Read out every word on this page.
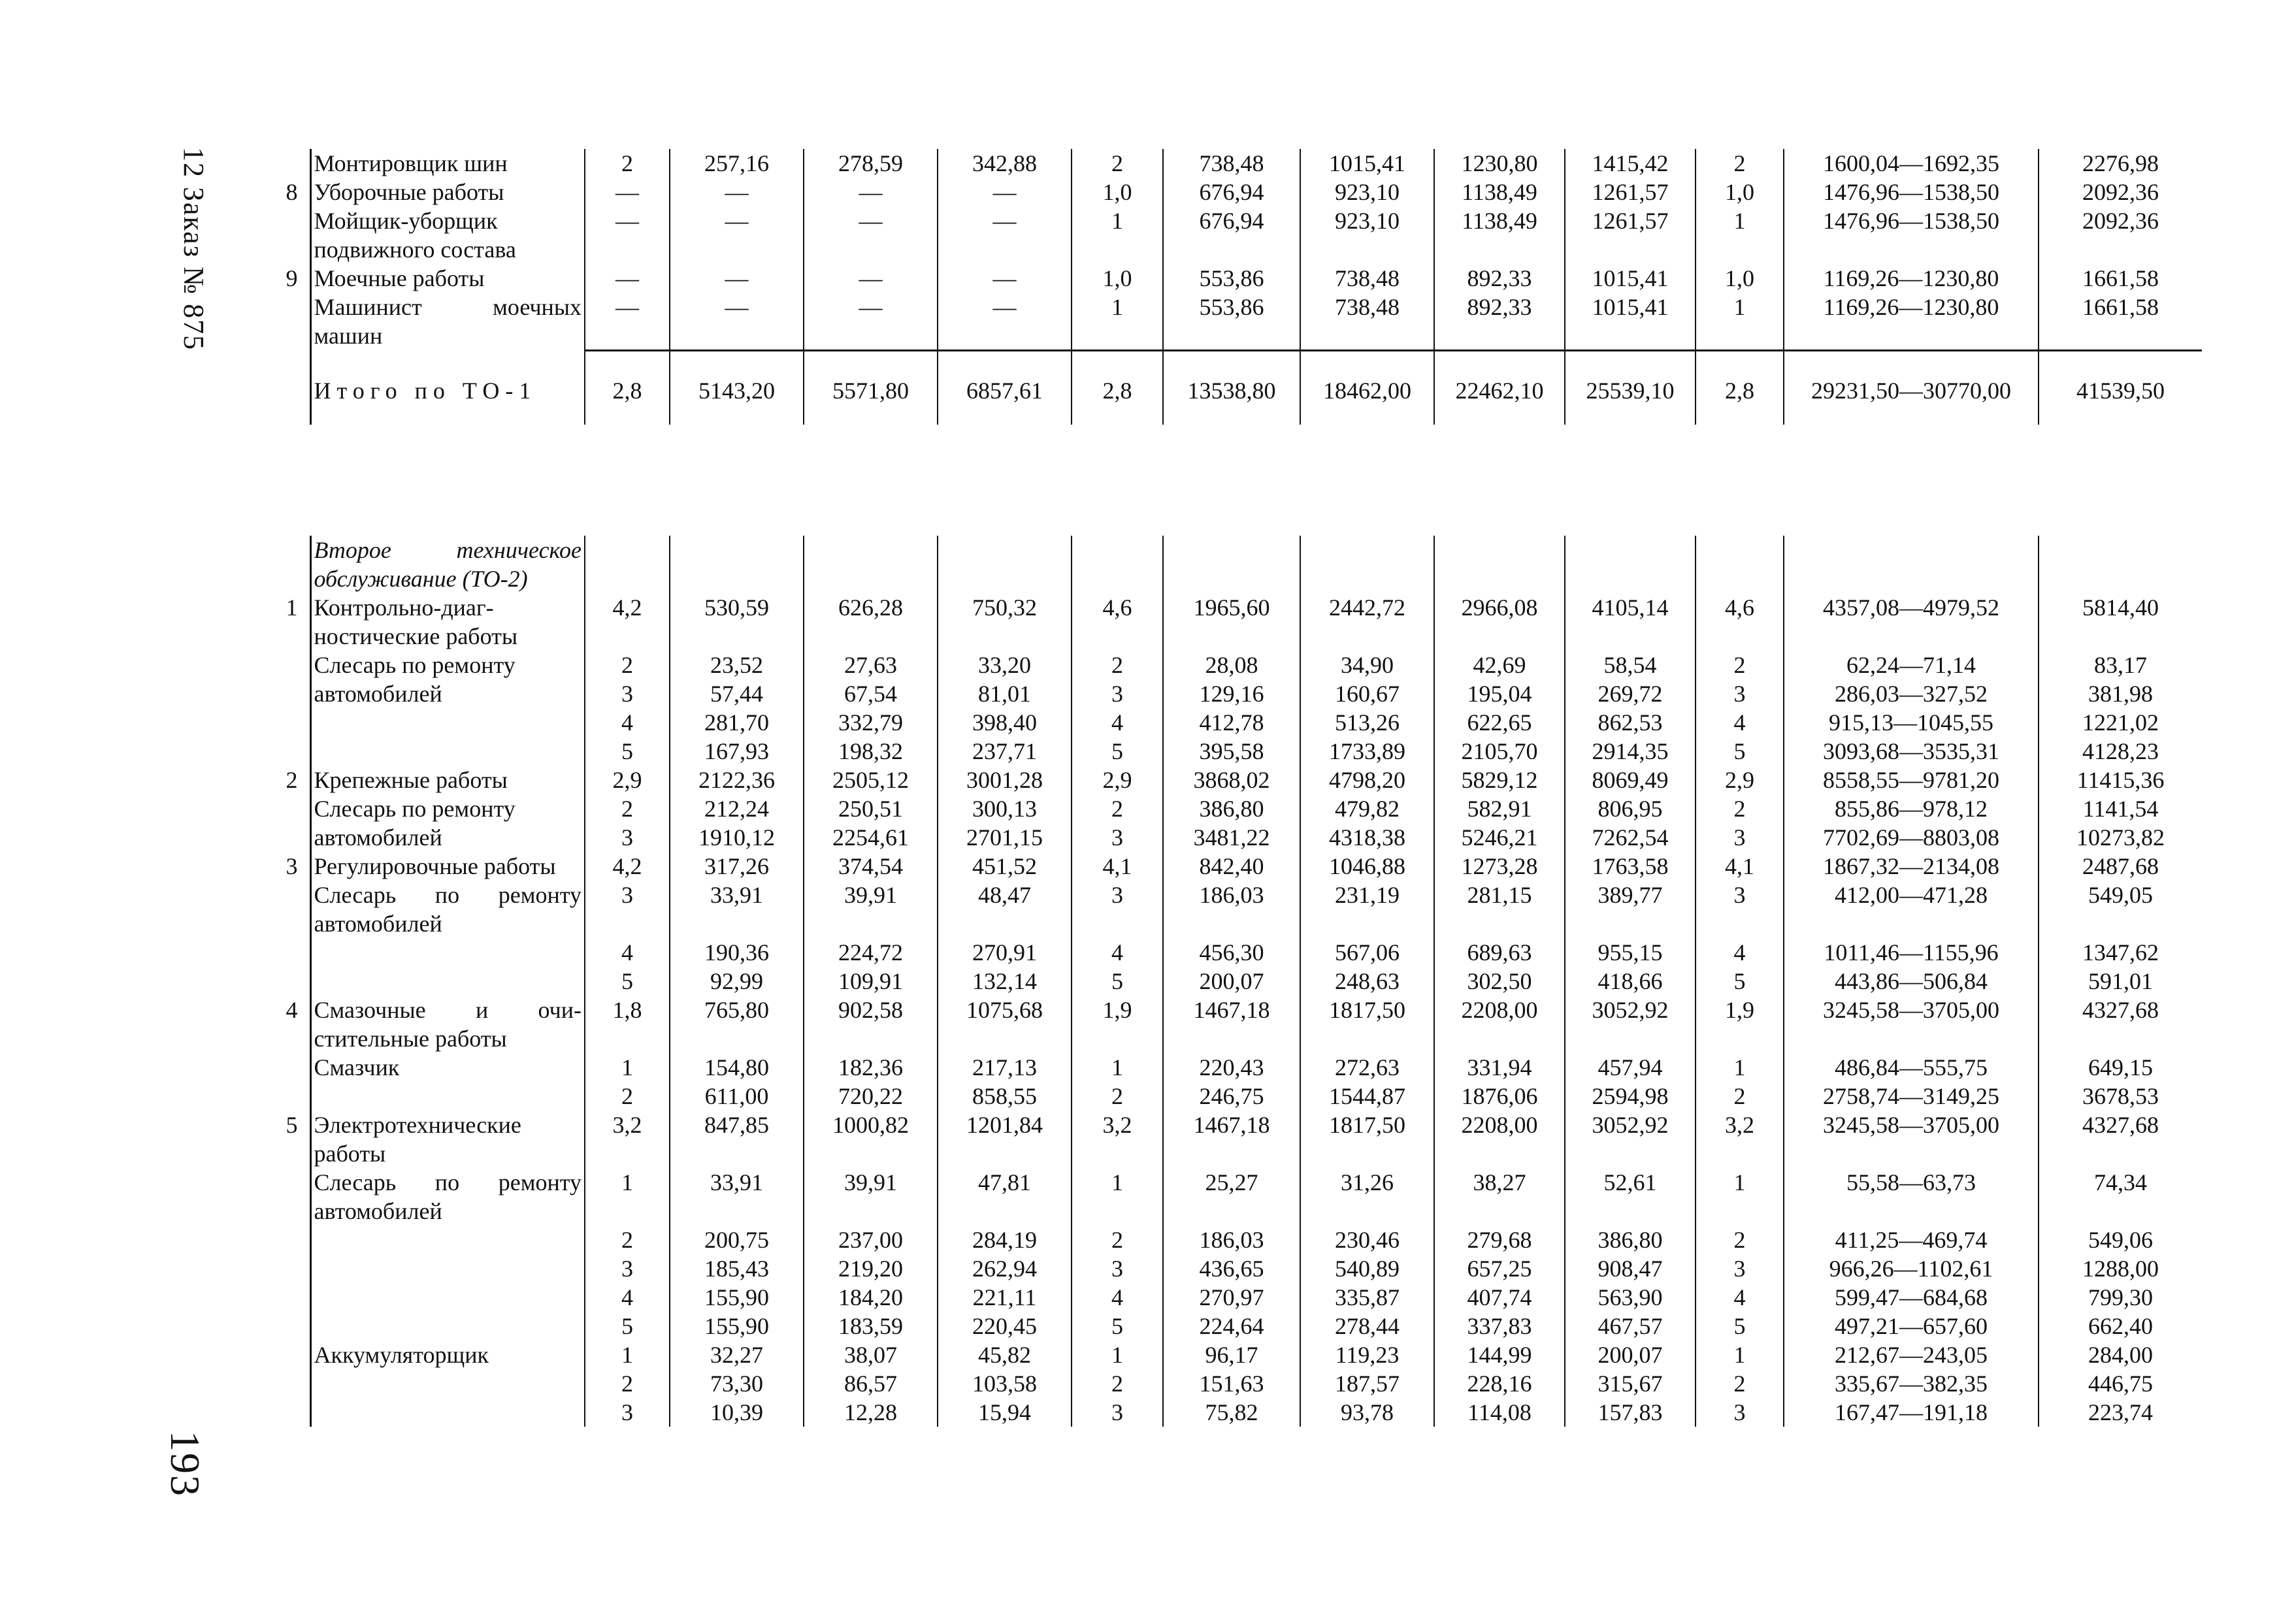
12 Заказ № 875
193
	Монтировщик шин	2	257,16	278,59	342,88	2	738,48	1015,41	1230,80	1415,42	2	1600,04—1692,35	2276,98
8	Уборочные работы	—	—	—	—	1,0	676,94	923,10	1138,49	1261,57	1,0	1476,96—1538,50	2092,36
	Мойщик-уборщик подвижного состава	—	—	—	—	1	676,94	923,10	1138,49	1261,57	1	1476,96—1538,50	2092,36
9	Моечные работы	—	—	—	—	1,0	553,86	738,48	892,33	1015,41	1,0	1169,26—1230,80	1661,58
	Машинист моечных машин	—	—	—	—	1	553,86	738,48	892,33	1015,41	1	1169,26—1230,80	1661,58

	Итого по ТО-1	2,8	5143,20	5571,80	6857,61	2,8	13538,80	18462,00	22462,10	25539,10	2,8	29231,50—30770,00	41539,50
	Второе техническое обслуживание (ТО-2)												
1	Контрольно-диагностические работы	4,2	530,59	626,28	750,32	4,6	1965,60	2442,72	2966,08	4105,14	4,6	4357,08—4979,52	5814,40
	Слесарь по ремонту	2	23,52	27,63	33,20	2	28,08	34,90	42,69	58,54	2	62,24—71,14	83,17
	автомобилей	3	57,44	67,54	81,01	3	129,16	160,67	195,04	269,72	3	286,03—327,52	381,98
		4	281,70	332,79	398,40	4	412,78	513,26	622,65	862,53	4	915,13—1045,55	1221,02
		5	167,93	198,32	237,71	5	395,58	1733,89	2105,70	2914,35	5	3093,68—3535,31	4128,23
2	Крепежные работы	2,9	2122,36	2505,12	3001,28	2,9	3868,02	4798,20	5829,12	8069,49	2,9	8558,55—9781,20	11415,36
	Слесарь по ремонту	2	212,24	250,51	300,13	2	386,80	479,82	582,91	806,95	2	855,86—978,12	1141,54
	автомобилей	3	1910,12	2254,61	2701,15	3	3481,22	4318,38	5246,21	7262,54	3	7702,69—8803,08	10273,82
3	Регулировочные работы	4,2	317,26	374,54	451,52	4,1	842,40	1046,88	1273,28	1763,58	4,1	1867,32—2134,08	2487,68
	Слесарь по ремонту автомобилей	3	33,91	39,91	48,47	3	186,03	231,19	281,15	389,77	3	412,00—471,28	549,05
		4	190,36	224,72	270,91	4	456,30	567,06	689,63	955,15	4	1011,46—1155,96	1347,62
		5	92,99	109,91	132,14	5	200,07	248,63	302,50	418,66	5	443,86—506,84	591,01
4	Смазочные и очистительные работы	1,8	765,80	902,58	1075,68	1,9	1467,18	1817,50	2208,00	3052,92	1,9	3245,58—3705,00	4327,68
	Смазчик	1	154,80	182,36	217,13	1	220,43	272,63	331,94	457,94	1	486,84—555,75	649,15
		2	611,00	720,22	858,55	2	246,75	1544,87	1876,06	2594,98	2	2758,74—3149,25	3678,53
5	Электротехнические работы	3,2	847,85	1000,82	1201,84	3,2	1467,18	1817,50	2208,00	3052,92	3,2	3245,58—3705,00	4327,68
	Слесарь по ремонту автомобилей	1	33,91	39,91	47,81	1	25,27	31,26	38,27	52,61	1	55,58—63,73	74,34
		2	200,75	237,00	284,19	2	186,03	230,46	279,68	386,80	2	411,25—469,74	549,06
		3	185,43	219,20	262,94	3	436,65	540,89	657,25	908,47	3	966,26—1102,61	1288,00
		4	155,90	184,20	221,11	4	270,97	335,87	407,74	563,90	4	599,47—684,68	799,30
		5	155,90	183,59	220,45	5	224,64	278,44	337,83	467,57	5	497,21—657,60	662,40
	Аккумуляторщик	1	32,27	38,07	45,82	1	96,17	119,23	144,99	200,07	1	212,67—243,05	284,00
		2	73,30	86,57	103,58	2	151,63	187,57	228,16	315,67	2	335,67—382,35	446,75
		3	10,39	12,28	15,94	3	75,82	93,78	114,08	157,83	3	167,47—191,18	223,74
